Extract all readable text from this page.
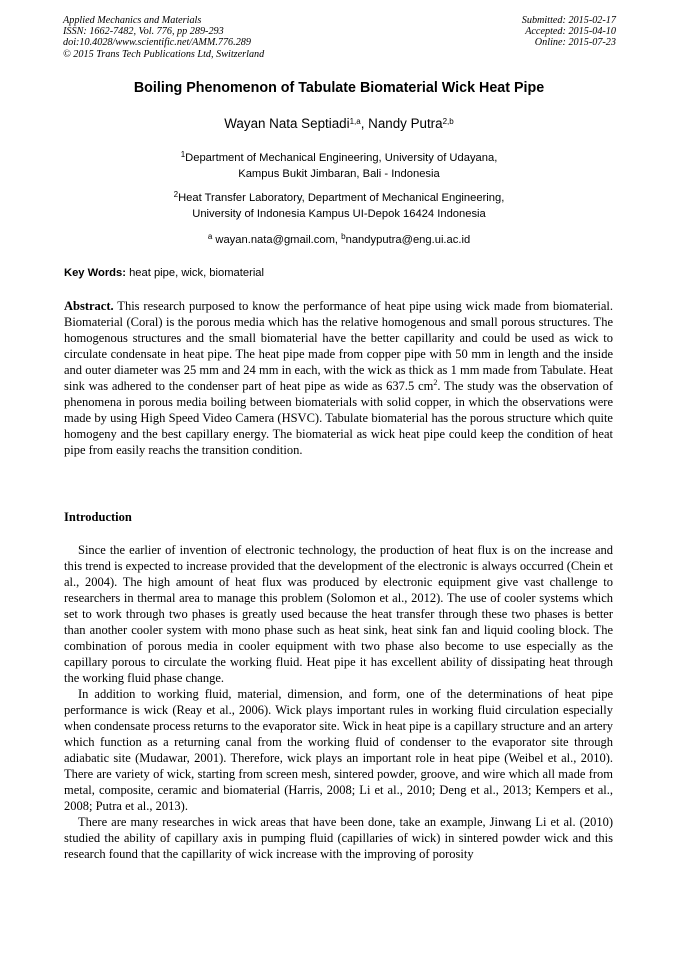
Applied Mechanics and Materials
ISSN: 1662-7482, Vol. 776, pp 289-293
doi:10.4028/www.scientific.net/AMM.776.289
© 2015 Trans Tech Publications Ltd, Switzerland
Submitted: 2015-02-17
Accepted: 2015-04-10
Online: 2015-07-23
Boiling Phenomenon of Tabulate Biomaterial Wick Heat Pipe
Wayan Nata Septiadi$^{1,a}$, Nandy Putra$^{2,b}$
$^1$Department of Mechanical Engineering, University of Udayana,
Kampus Bukit Jimbaran, Bali - Indonesia
$^2$Heat Transfer Laboratory, Department of Mechanical Engineering,
University of Indonesia Kampus UI-Depok 16424 Indonesia
$^a$ wayan.nata@gmail.com, $^b$nandyputra@eng.ui.ac.id
Key Words: heat pipe, wick, biomaterial
Abstract. This research purposed to know the performance of heat pipe using wick made from biomaterial. Biomaterial (Coral) is the porous media which has the relative homogenous and small porous structures. The homogenous structures and the small biomaterial have the better capillarity and could be used as wick to circulate condensate in heat pipe. The heat pipe made from copper pipe with 50 mm in length and the inside and outer diameter was 25 mm and 24 mm in each, with the wick as thick as 1 mm made from Tabulate. Heat sink was adhered to the condenser part of heat pipe as wide as 637.5 $cm^2$. The study was the observation of phenomena in porous media boiling between biomaterials with solid copper, in which the observations were made by using High Speed Video Camera (HSVC). Tabulate biomaterial has the porous structure which quite homogeny and the best capillary energy. The biomaterial as wick heat pipe could keep the condition of heat pipe from easily reachs the transition condition.
Introduction

Since the earlier of invention of electronic technology, the production of heat flux is on the increase and this trend is expected to increase provided that the development of the electronic is always occurred (Chein et al., 2004). The high amount of heat flux was produced by electronic equipment give vast challenge to researchers in thermal area to manage this problem (Solomon et al., 2012). The use of cooler systems which set to work through two phases is greatly used because the heat transfer through these two phases is better than another cooler system with mono phase such as heat sink, heat sink fan and liquid cooling block. The combination of porous media in cooler equipment with two phase also become to use especially as the capillary porous to circulate the working fluid. Heat pipe it has excellent ability of dissipating heat through the working fluid phase change.

In addition to working fluid, material, dimension, and form, one of the determinations of heat pipe performance is wick (Reay et al., 2006). Wick plays important rules in working fluid circulation especially when condensate process returns to the evaporator site. Wick in heat pipe is a capillary structure and an artery which function as a returning canal from the working fluid of condenser to the evaporator site through adiabatic site (Mudawar, 2001). Therefore, wick plays an important role in heat pipe (Weibel et al., 2010). There are variety of wick, starting from screen mesh, sintered powder, groove, and wire which all made from metal, composite, ceramic and biomaterial (Harris, 2008; Li et al., 2010; Deng et al., 2013; Kempers et al., 2008; Putra et al., 2013).

There are many researches in wick areas that have been done, take an example, Jinwang Li et al. (2010) studied the ability of capillary axis in pumping fluid (capillaries of wick) in sintered powder wick and this research found that the capillarity of wick increase with the improving of porosity
